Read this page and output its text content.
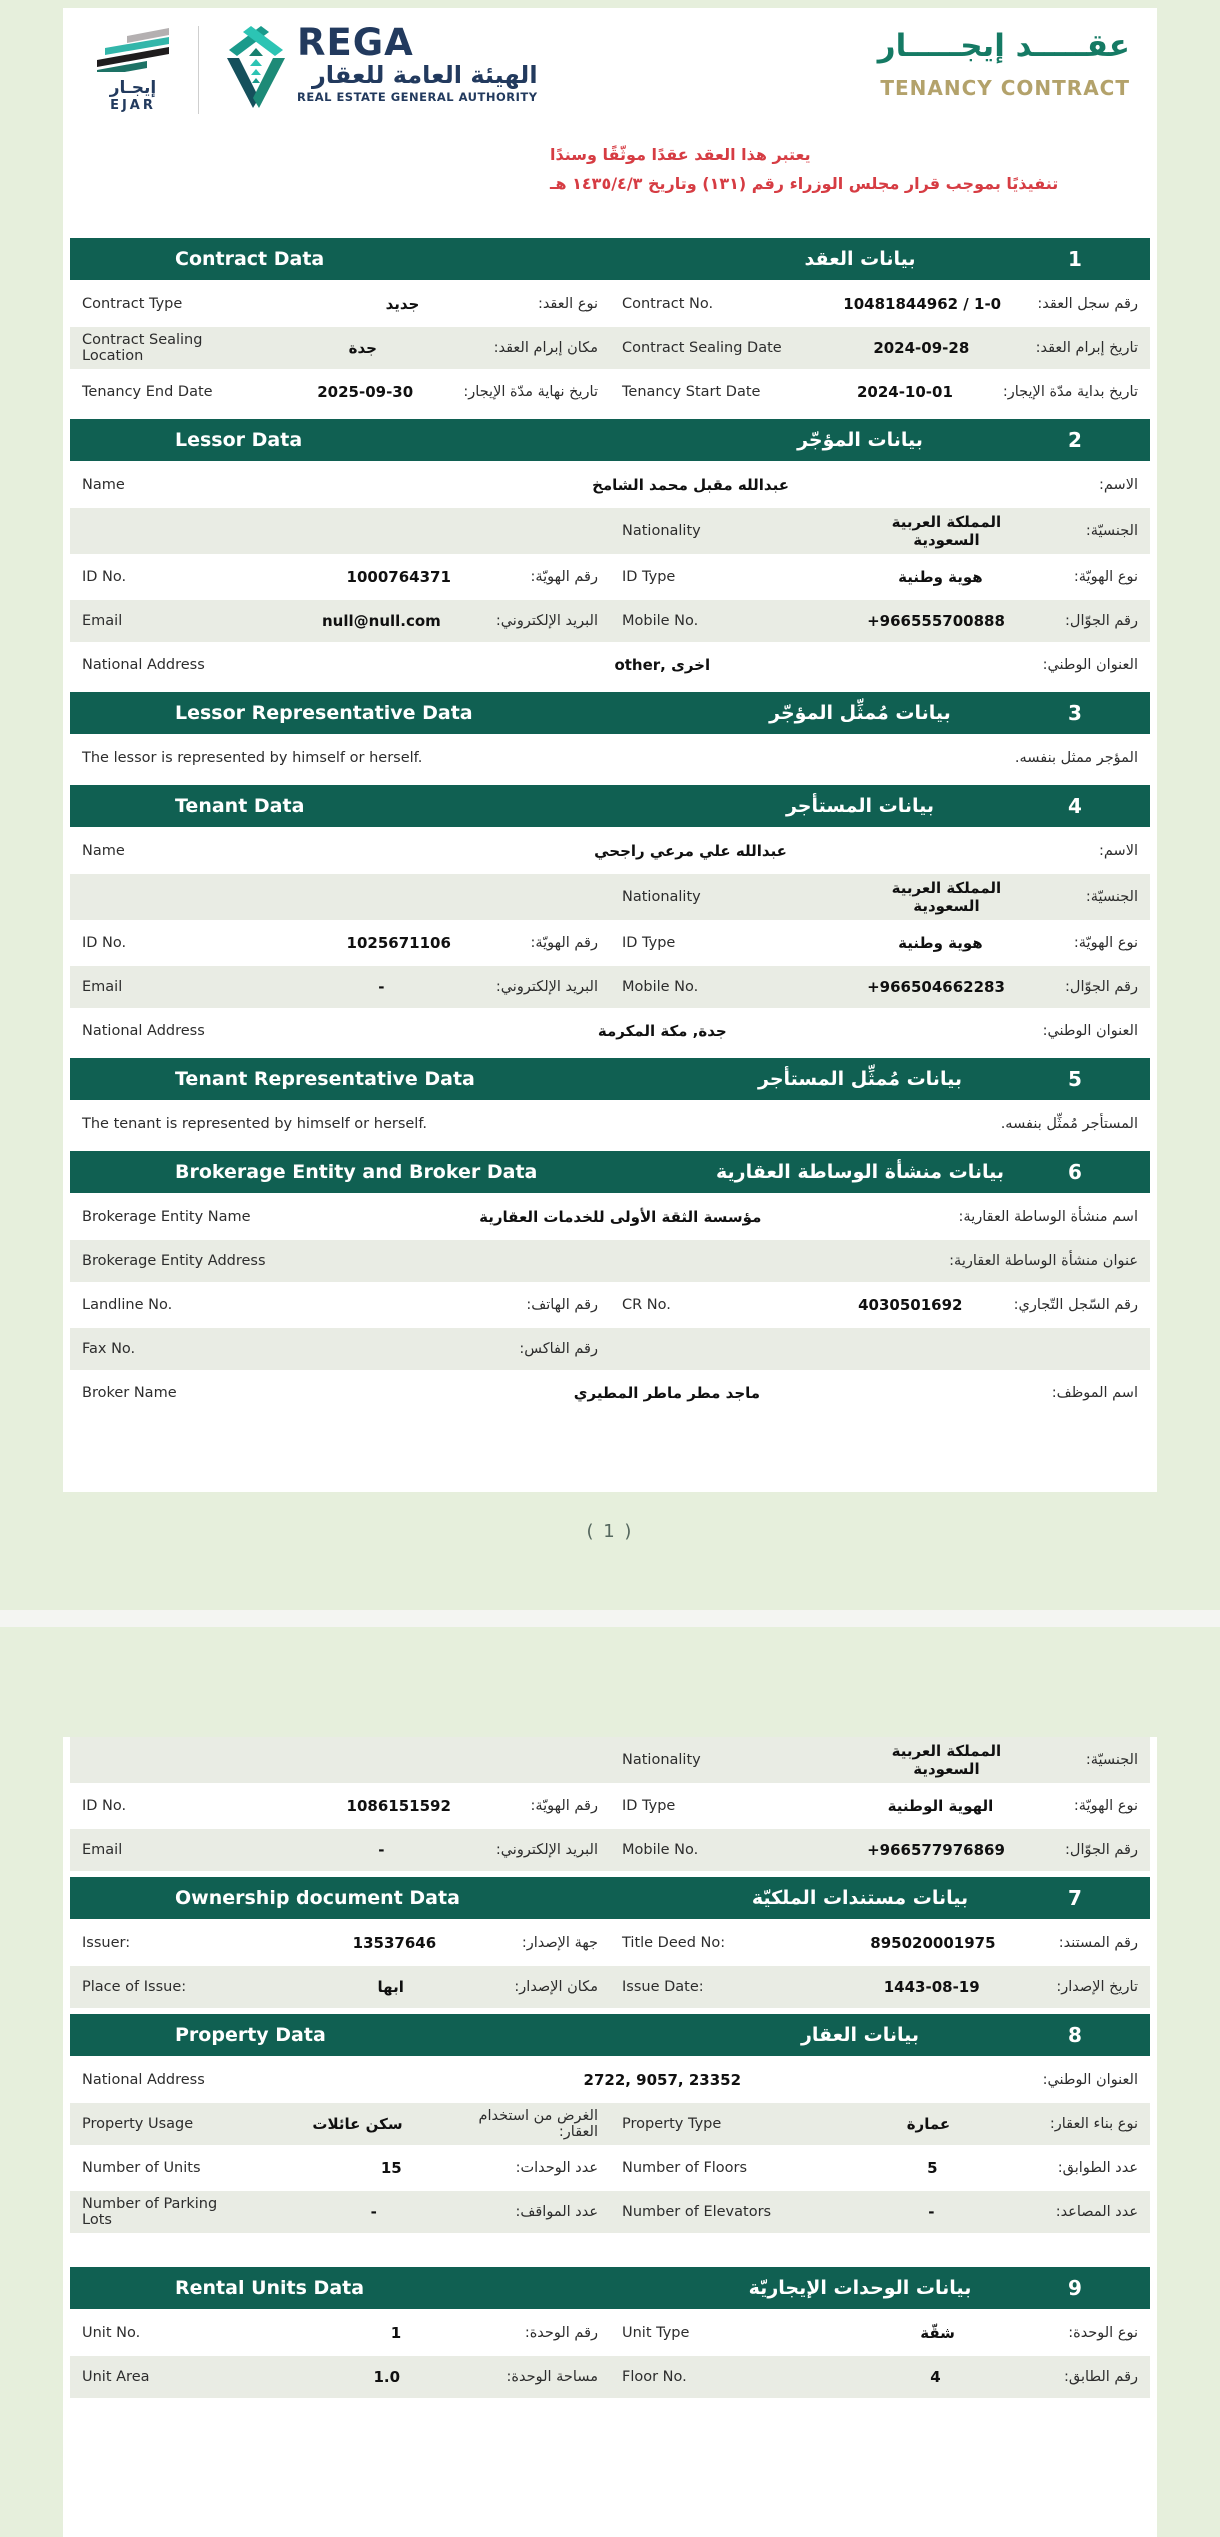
إيجـار
EJAR
REGA
الهيئة العامة للعقار
REAL ESTATE GENERAL AUTHORITY
عقـــــد إيجـــــار
TENANCY CONTRACT
يعتبر هذا العقد عقدًا موثّقًا وسندًا
تنفيذيًا بموجب قرار مجلس الوزراء رقم (١٣١) وتاريخ ١٤٣٥/٤/٣ هـ
Contract Data	بيانات العقد	1
Contract Type	جديد	نوع العقد: Contract No.	10481844962 / 1-0	رقم سجل العقد:
Contract Sealing Location	جدة	مكان إبرام العقد: Contract Sealing Date	2024-09-28	تاريخ إبرام العقد:
Tenancy End Date	2025-09-30	تاريخ نهاية مدّة الإيجار: Tenancy Start Date	2024-10-01	تاريخ بداية مدّة الإيجار:
Lessor Data	بيانات المؤجّر	2
Name	عبدالله مقبل محمد الشامخ	الاسم:
Nationality	المملكة العربية السعودية	الجنسيّة:
ID No.	1000764371	رقم الهويّة: ID Type	هوية وطنية	نوع الهويّة:
Email	null@null.com	البريد الإلكتروني: Mobile No.	+966555700888	رقم الجوّال:
National Address	اخرى ,other	العنوان الوطني:
Lessor Representative Data	بيانات مُمثِّل المؤجّر	3
The lessor is represented by himself or herself.	المؤجر ممثل بنفسه.
Tenant Data	بيانات المستأجر	4
Name	عبدالله علي مرعي راجحي	الاسم:
Nationality	المملكة العربية السعودية	الجنسيّة:
ID No.	1025671106	رقم الهويّة: ID Type	هوية وطنية	نوع الهويّة:
Email	-	البريد الإلكتروني: Mobile No.	+966504662283	رقم الجوّال:
National Address	جدة, مكة المكرمة	العنوان الوطني:
Tenant Representative Data	بيانات مُمثِّل المستأجر	5
The tenant is represented by himself or herself.	المستأجر مُمثِّل بنفسه.
Brokerage Entity and Broker Data	بيانات منشأة الوساطة العقارية	6
Brokerage Entity Name	مؤسسة الثقة الأولى للخدمات العقارية	اسم منشأة الوساطة العقارية:
Brokerage Entity Address	عنوان منشأة الوساطة العقارية:
Landline No.	رقم الهاتف: CR No.	4030501692	رقم السّجل التّجاري:
Fax No.	رقم الفاكس:
Broker Name	ماجد مطر ماطر المطيري	اسم الموظف:
( 1 )
Nationality	المملكة العربية السعودية	الجنسيّة:
ID No.	1086151592	رقم الهويّة: ID Type	الهوية الوطنية	نوع الهويّة:
Email	-	البريد الإلكتروني: Mobile No.	+966577976869	رقم الجوّال:
Ownership document Data	بيانات مستندات الملكيّة	7
Issuer:	13537646	جهة الإصدار: Title Deed No:	895020001975	رقم المستند:
Place of Issue:	ابها	مكان الإصدار: Issue Date:	1443-08-19	تاريخ الإصدار:
Property Data	بيانات العقار	8
National Address	2722, 9057, 23352	العنوان الوطني:
Property Usage	سكن عائلات	الغرض من استخدام العقار: Property Type	عمارة	نوع بناء العقار:
Number of Units	15	عدد الوحدات: Number of Floors	5	عدد الطوابق:
Number of Parking Lots	-	عدد المواقف: Number of Elevators	-	عدد المصاعد:
Rental Units Data	بيانات الوحدات الإيجاريّة	9
Unit No.	1	رقم الوحدة: Unit Type	شقّة	نوع الوحدة:
Unit Area	1.0	مساحة الوحدة: Floor No.	4	رقم الطابق:
